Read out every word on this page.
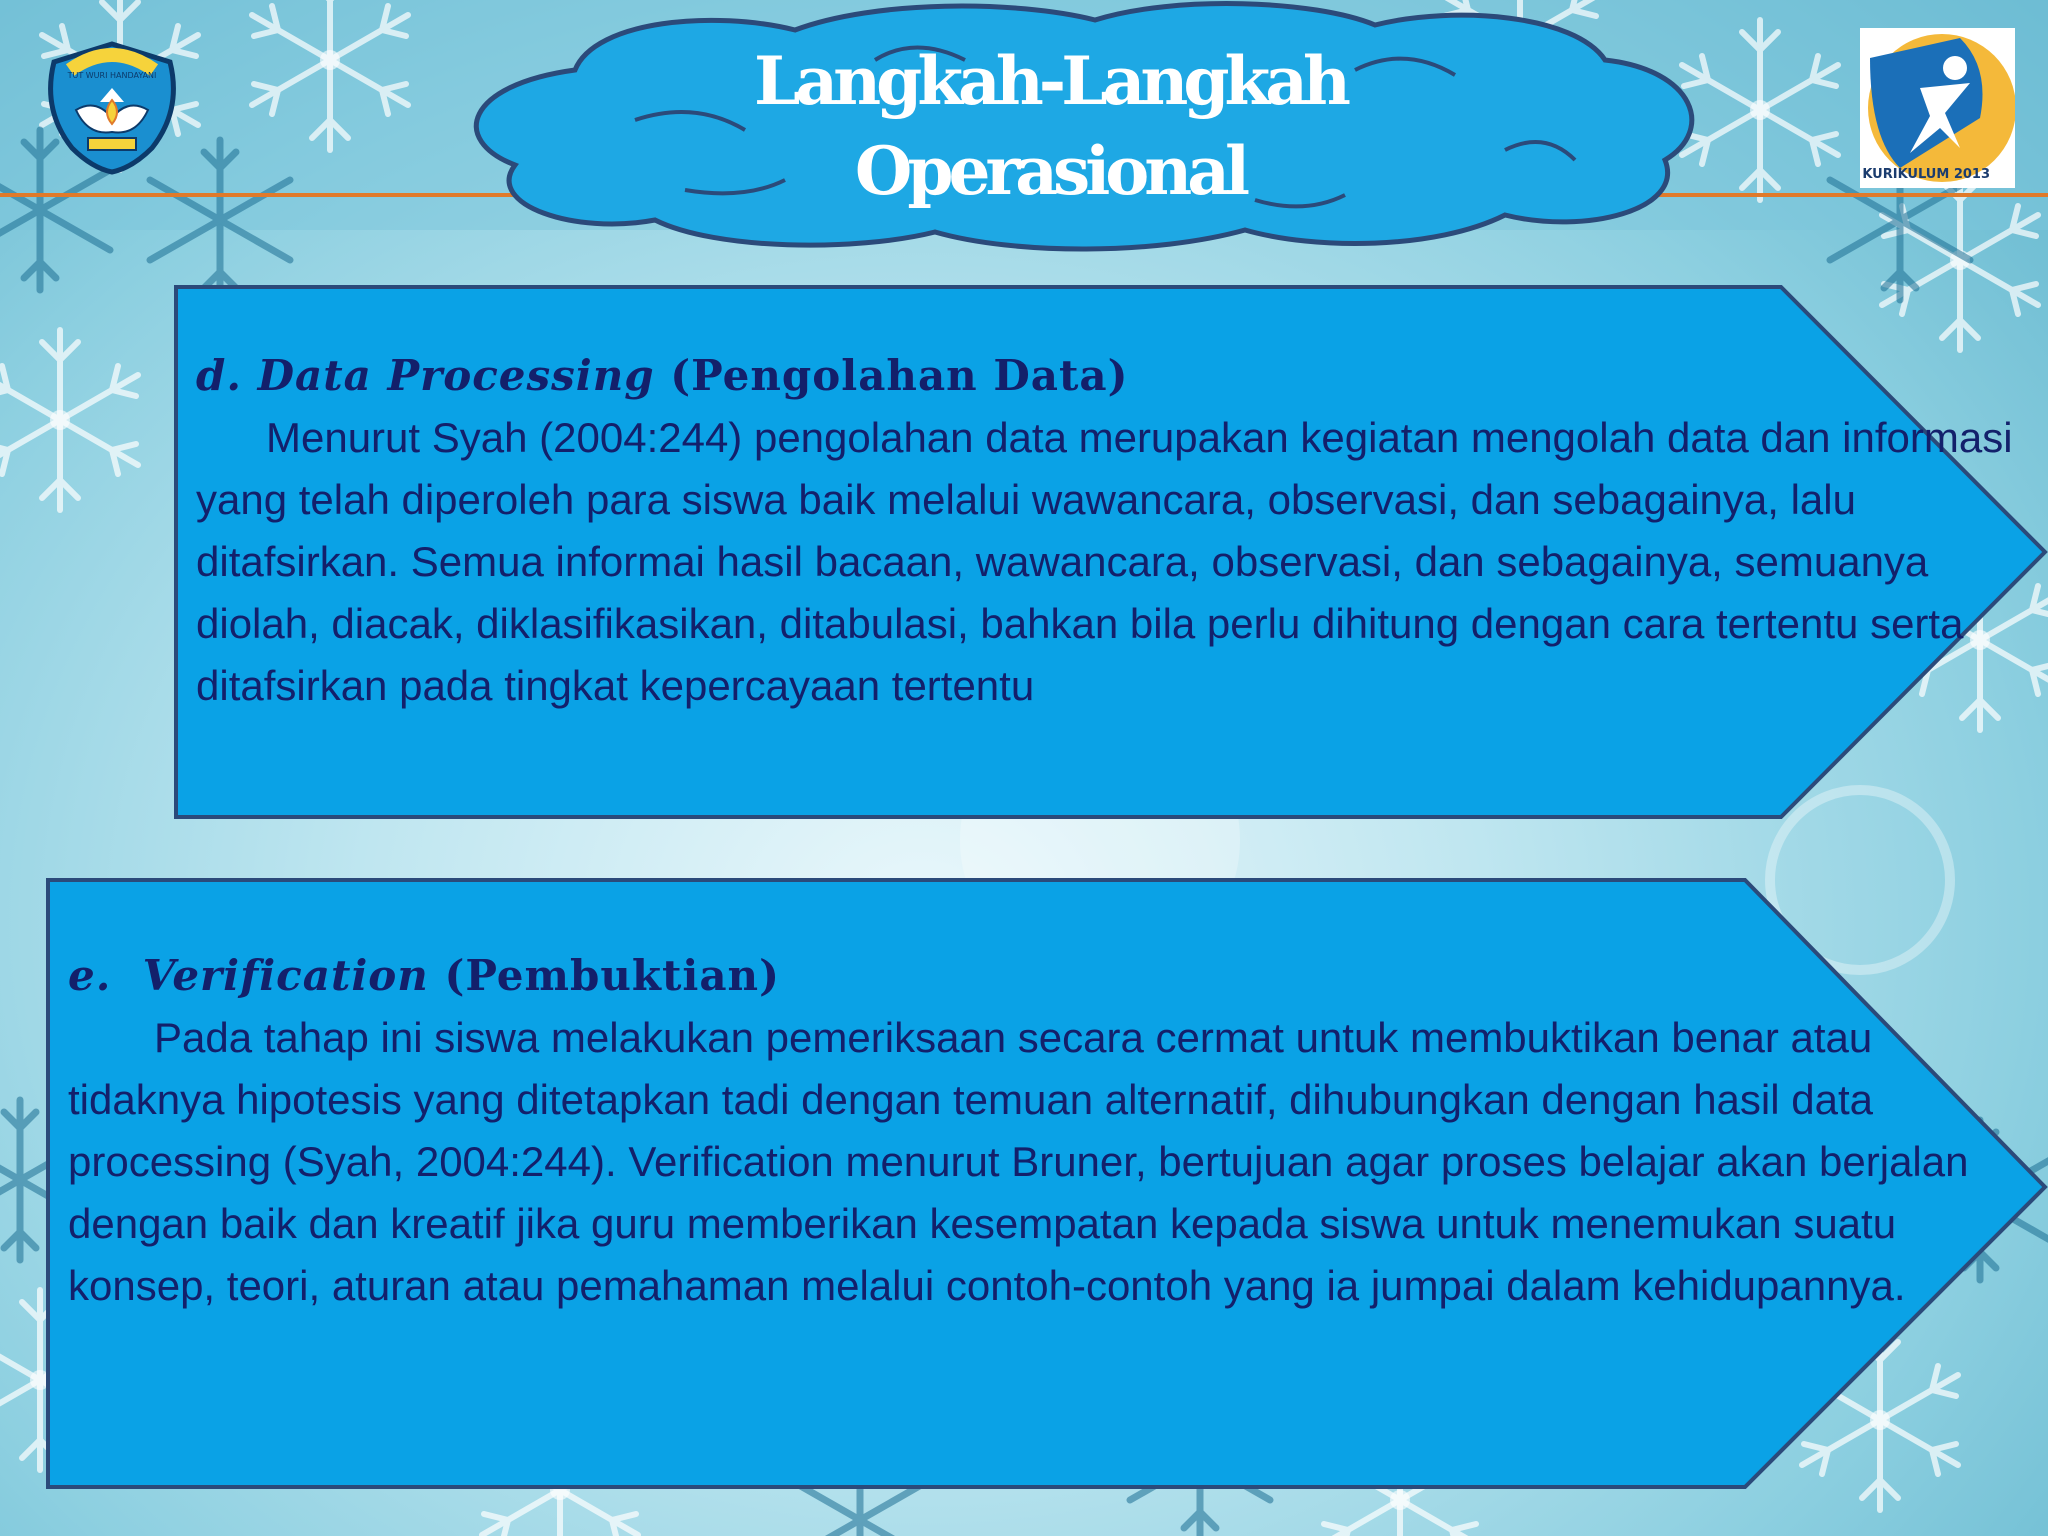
Langkah-Langkah
Operasional
TUT WURI HANDAYANI
KURIKULUM 2013
d. Data Processing (Pengolahan Data)
Menurut Syah (2004:244) pengolahan data merupakan kegiatan mengolah data dan informasi yang telah diperoleh para siswa baik melalui wawancara, observasi, dan sebagainya, lalu ditafsirkan. Semua informai hasil bacaan, wawancara, observasi, dan sebagainya, semuanya diolah, diacak, diklasifikasikan, ditabulasi, bahkan bila perlu dihitung dengan cara tertentu serta ditafsirkan pada tingkat kepercayaan tertentu
e. Verification (Pembuktian)
Pada tahap ini siswa melakukan pemeriksaan secara cermat untuk membuktikan benar atau tidaknya hipotesis yang ditetapkan tadi dengan temuan alternatif, dihubungkan dengan hasil data processing (Syah, 2004:244). Verification menurut Bruner, bertujuan agar proses belajar akan berjalan dengan baik dan kreatif jika guru memberikan kesempatan kepada siswa untuk menemukan suatu konsep, teori, aturan atau pemahaman melalui contoh-contoh yang ia jumpai dalam kehidupannya.
